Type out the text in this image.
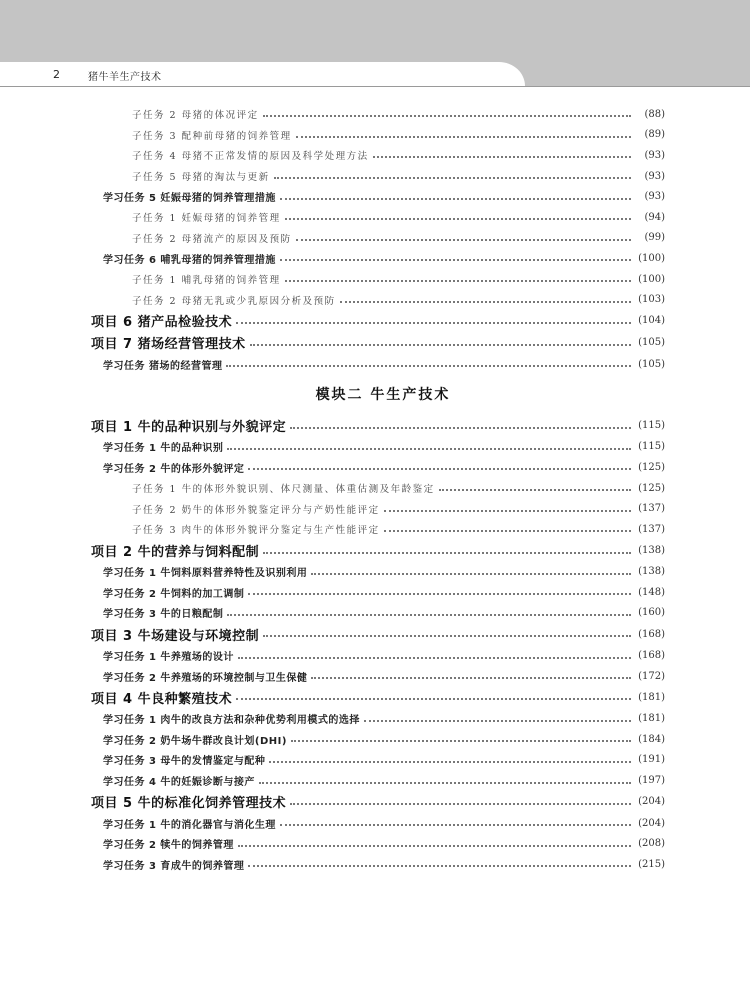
2	猪牛羊生产技术
子任务 2 母猪的体况评定	(88)
子任务 3 配种前母猪的饲养管理	(89)
子任务 4 母猪不正常发情的原因及科学处理方法	(93)
子任务 5 母猪的淘汰与更新	(93)
学习任务 5 妊娠母猪的饲养管理措施	(93)
子任务 1 妊娠母猪的饲养管理	(94)
子任务 2 母猪流产的原因及预防	(99)
学习任务 6 哺乳母猪的饲养管理措施	(100)
子任务 1 哺乳母猪的饲养管理	(100)
子任务 2 母猪无乳或少乳原因分析及预防	(103)
项目 6 猪产品检验技术	(104)
项目 7 猪场经营管理技术	(105)
学习任务 猪场的经营管理	(105)
模块二 牛生产技术
项目 1 牛的品种识别与外貌评定	(115)
学习任务 1 牛的品种识别	(115)
学习任务 2 牛的体形外貌评定	(125)
子任务 1 牛的体形外貌识别、体尺测量、体重估测及年龄鉴定	(125)
子任务 2 奶牛的体形外貌鉴定评分与产奶性能评定	(137)
子任务 3 肉牛的体形外貌评分鉴定与生产性能评定	(137)
项目 2 牛的营养与饲料配制	(138)
学习任务 1 牛饲料原料营养特性及识别利用	(138)
学习任务 2 牛饲料的加工调制	(148)
学习任务 3 牛的日粮配制	(160)
项目 3 牛场建设与环境控制	(168)
学习任务 1 牛养殖场的设计	(168)
学习任务 2 牛养殖场的环境控制与卫生保健	(172)
项目 4 牛良种繁殖技术	(181)
学习任务 1 肉牛的改良方法和杂种优势利用模式的选择	(181)
学习任务 2 奶牛场牛群改良计划(DHI)	(184)
学习任务 3 母牛的发情鉴定与配种	(191)
学习任务 4 牛的妊娠诊断与接产	(197)
项目 5 牛的标准化饲养管理技术	(204)
学习任务 1 牛的消化器官与消化生理	(204)
学习任务 2 犊牛的饲养管理	(208)
学习任务 3 育成牛的饲养管理	(215)
